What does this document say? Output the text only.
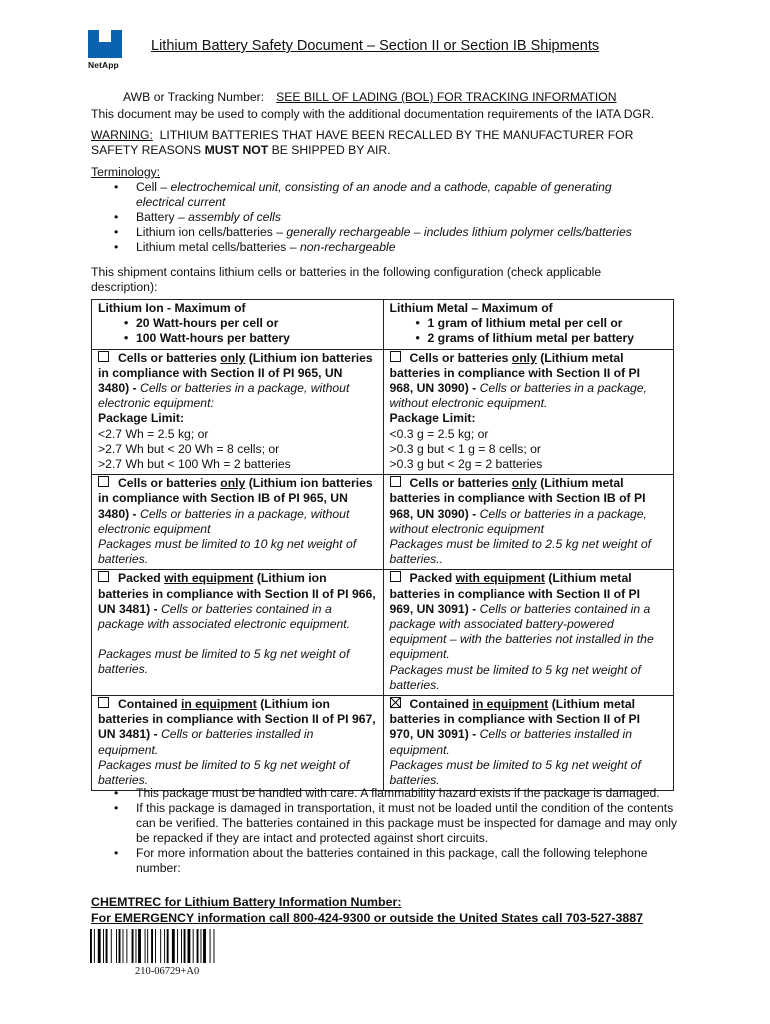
NetApp
Lithium Battery Safety Document – Section II or Section IB Shipments
AWB or Tracking Number: SEE BILL OF LADING (BOL) FOR TRACKING INFORMATION
This document may be used to comply with the additional documentation requirements of the IATA DGR.
WARNING: LITHIUM BATTERIES THAT HAVE BEEN RECALLED BY THE MANUFACTURER FOR SAFETY REASONS MUST NOT BE SHIPPED BY AIR.
Terminology:
• Cell – electrochemical unit, consisting of an anode and a cathode, capable of generating electrical current
• Battery – assembly of cells
• Lithium ion cells/batteries – generally rechargeable – includes lithium polymer cells/batteries
• Lithium metal cells/batteries – non-rechargeable
This shipment contains lithium cells or batteries in the following configuration (check applicable description):
Lithium Ion - Maximum of
• 20 Watt-hours per cell or
• 100 Watt-hours per battery
Lithium Metal – Maximum of
• 1 gram of lithium metal per cell or
• 2 grams of lithium metal per battery
Cells or batteries only (Lithium ion batteries in compliance with Section II of PI 965, UN 3480) - Cells or batteries in a package, without electronic equipment:
Package Limit:
<2.7 Wh = 2.5 kg; or
>2.7 Wh but < 20 Wh = 8 cells; or
>2.7 Wh but < 100 Wh = 2 batteries
Cells or batteries only (Lithium metal batteries in compliance with Section II of PI 968, UN 3090) - Cells or batteries in a package, without electronic equipment.
Package Limit:
<0.3 g = 2.5 kg; or
>0.3 g but < 1 g = 8 cells; or
>0.3 g but < 2g = 2 batteries
Cells or batteries only (Lithium ion batteries in compliance with Section IB of PI 965, UN 3480) - Cells or batteries in a package, without electronic equipment
Packages must be limited to 10 kg net weight of batteries.
Cells or batteries only (Lithium metal batteries in compliance with Section IB of PI 968, UN 3090) - Cells or batteries in a package, without electronic equipment
Packages must be limited to 2.5 kg net weight of batteries..
Packed with equipment (Lithium ion batteries in compliance with Section II of PI 966, UN 3481) - Cells or batteries contained in a package with associated electronic equipment.
Packages must be limited to 5 kg net weight of batteries.
Packed with equipment (Lithium metal batteries in compliance with Section II of PI 969, UN 3091) - Cells or batteries contained in a package with associated battery-powered equipment – with the batteries not installed in the equipment.
Packages must be limited to 5 kg net weight of batteries.
Contained in equipment (Lithium ion batteries in compliance with Section II of PI 967, UN 3481) - Cells or batteries installed in equipment.
Packages must be limited to 5 kg net weight of batteries.
Contained in equipment (Lithium metal batteries in compliance with Section II of PI 970, UN 3091) - Cells or batteries installed in equipment.
Packages must be limited to 5 kg net weight of batteries.
• This package must be handled with care. A flammability hazard exists if the package is damaged.
• If this package is damaged in transportation, it must not be loaded until the condition of the contents can be verified. The batteries contained in this package must be inspected for damage and may only be repacked if they are intact and protected against short circuits.
• For more information about the batteries contained in this package, call the following telephone number:
CHEMTREC for Lithium Battery Information Number:
For EMERGENCY information call 800-424-9300 or outside the United States call 703-527-3887
210-06729+A0
